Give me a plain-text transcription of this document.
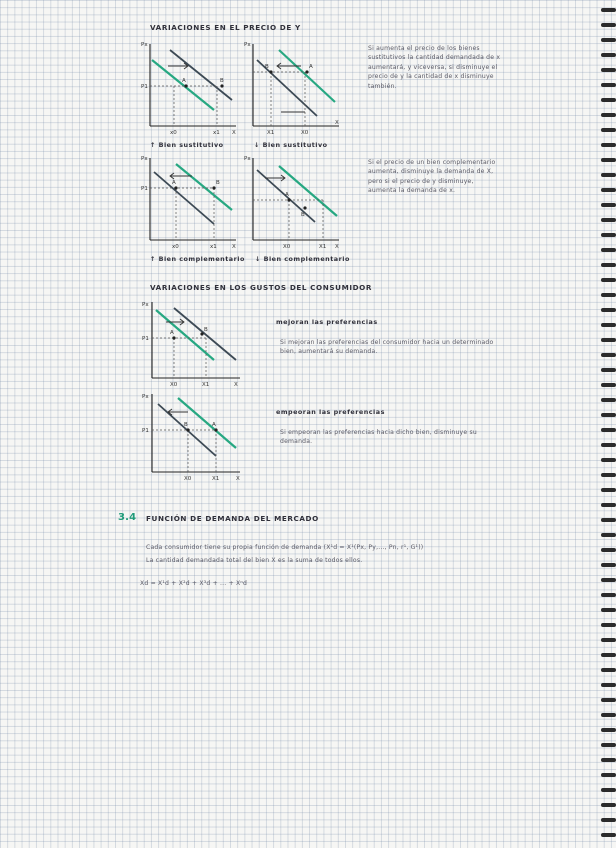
VARIACIONES EN EL PRECIO DE Y
Px
P1
A	B
X
x0	x1
↑ Bien sustitutivo
Px
B	A
X
X1	X0
↓ Bien sustitutivo
Px
P1
A	B
X
x0	x1
↑ Bien complementario
Px
A
B
X
X0	X1
↓ Bien complementario
Si aumenta el precio de los bienes sustitutivos la cantidad demandada de x aumentará, y viceversa, si disminuye el precio de y la cantidad de x disminuye también.
Si el precio de un bien complementario aumenta, disminuye la demanda de X, pero si el precio de y disminuye, aumenta la demanda de x.
VARIACIONES EN LOS GUSTOS DEL CONSUMIDOR
Px
P1
A	B
X
X0	X1
Px
P1
B	A
X
X0	X1
mejoran las preferencias
Si mejoran las preferencias del consumidor hacia un determinado bien, aumentará su demanda.
empeoran las preferencias
Si empeoran las preferencias hacia dicho bien, disminuye su demanda.
3.4 FUNCIÓN DE DEMANDA DEL MERCADO
Cada consumidor tiene su propia función de demanda (X¹d = X¹(Px, Py,..., Pn, r¹, G¹))
La cantidad demandada total del bien X es la suma de todos ellos.
Xd = X¹d + X²d + X³d + ... + Xⁿd
